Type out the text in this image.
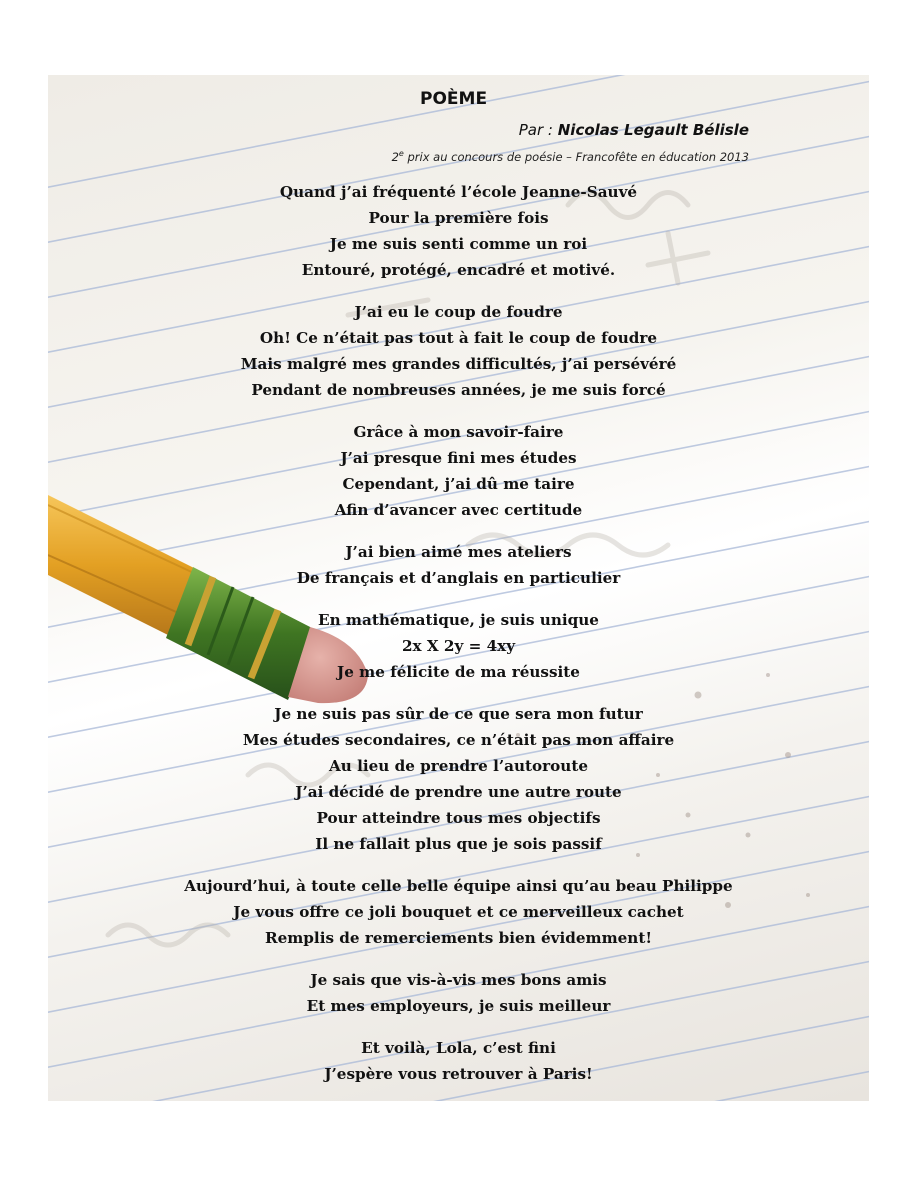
POÈME
Par : Nicolas Legault Bélisle
2e prix au concours de poésie – Francofête en éducation 2013
Quand j’ai fréquenté l’école Jeanne-Sauvé
Pour la première fois
Je me suis senti comme un roi
Entouré, protégé, encadré et motivé.
J’ai eu le coup de foudre
Oh! Ce n’était pas tout à fait le coup de foudre
Mais malgré mes grandes difficultés, j’ai persévéré
Pendant de nombreuses années, je me suis forcé
Grâce à mon savoir-faire
J’ai presque fini mes études
Cependant, j’ai dû me taire
Afin d’avancer avec certitude
J’ai bien aimé mes ateliers
De français et d’anglais en particulier
En mathématique, je suis unique
2x X 2y = 4xy
Je me félicite de ma réussite
Je ne suis pas sûr de ce que sera mon futur
Mes études secondaires, ce n’était pas mon affaire
Au lieu de prendre l’autoroute
J’ai décidé de prendre une autre route
Pour atteindre tous mes objectifs
Il ne fallait plus que je sois passif
Aujourd’hui, à toute celle belle équipe ainsi qu’au beau Philippe
Je vous offre ce joli bouquet et ce merveilleux cachet
Remplis de remerciements bien évidemment!
Je sais que vis-à-vis mes bons amis
Et mes employeurs, je suis meilleur
Et voilà, Lola, c’est fini
J’espère vous retrouver à Paris!
